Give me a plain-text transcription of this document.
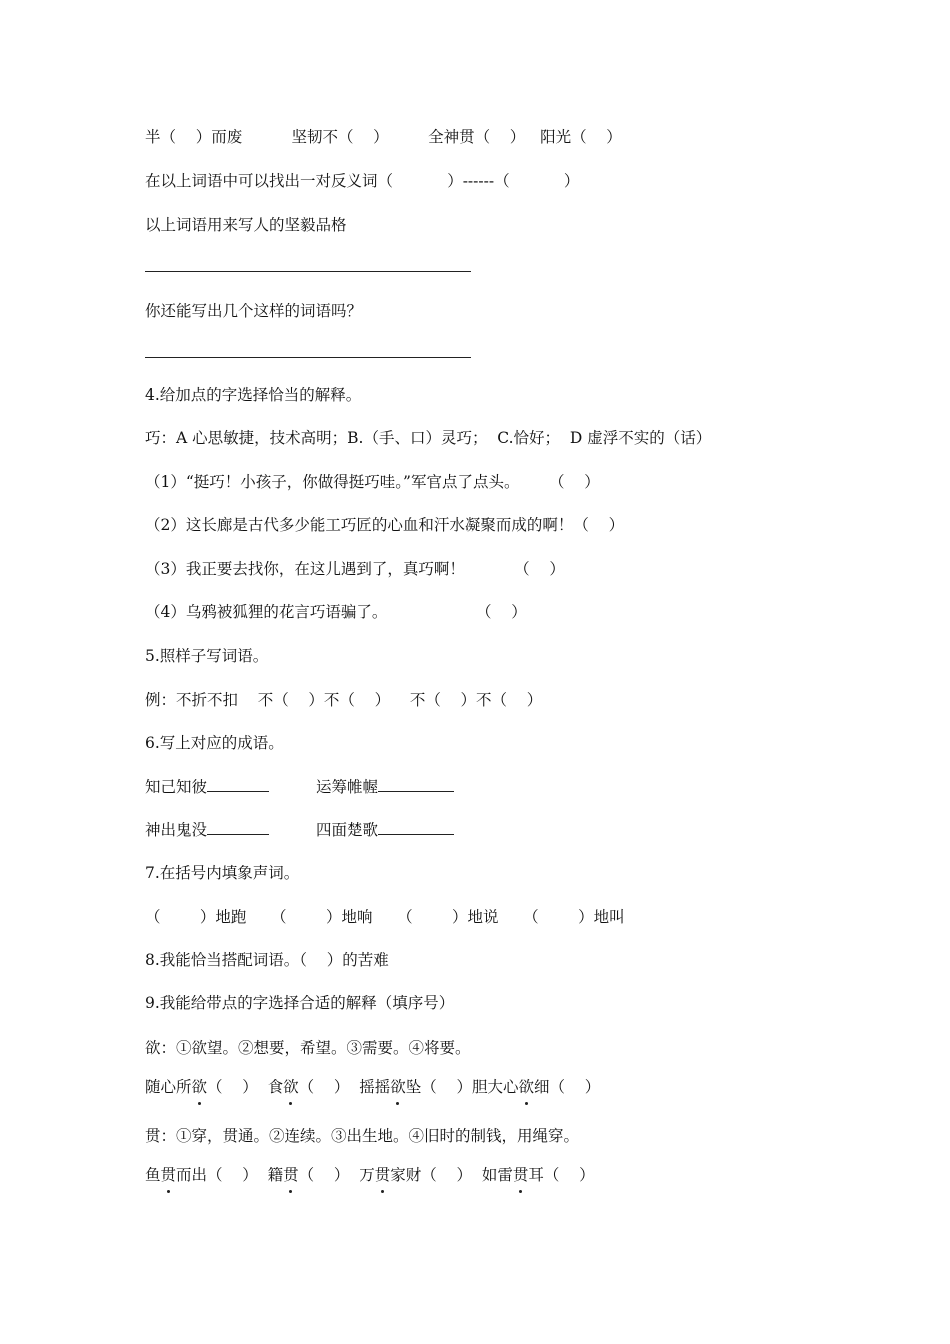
半（    ）而废          坚韧不（    ）        全神贯（    ）   阳光（    ）
在以上词语中可以找出一对反义词（           ）------（           ）
以上词语用来写人的坚毅品格
你还能写出几个这样的词语吗？
4.给加点的字选择恰当的解释。
巧：A 心思敏捷，技术高明；B.（手、口）灵巧；  C.恰好；  D 虚浮不实的（话）
（1）“挺巧！小孩子，你做得挺巧哇。”军官点了点头。      （    ）
（2）这长廊是古代多少能工巧匠的心血和汗水凝聚而成的啊！（    ）
（3）我正要去找你，在这儿遇到了，真巧啊！          （    ）
（4）乌鸦被狐狸的花言巧语骗了。                  （    ）
5.照样子写词语。
例：不折不扣    不（    ）不（    ）    不（    ）不（    ）
6.写上对应的成语。
知己知彼	运筹帷幄
神出鬼没	四面楚歌
7.在括号内填象声词。
（        ）地跑     （        ）地响     （        ）地说     （        ）地叫
8.我能恰当搭配词语。（    ）的苦难
9.我能给带点的字选择合适的解释（填序号）
欲：①欲望。②想要，希望。③需要。④将要。
随心所欲（    ）  食欲（    ）  摇摇欲坠（    ）胆大心欲细（    ）
贯：①穿，贯通。②连续。③出生地。④旧时的制钱，用绳穿。
鱼贯而出（    ）  籍贯（    ）  万贯家财（    ）  如雷贯耳（    ）
